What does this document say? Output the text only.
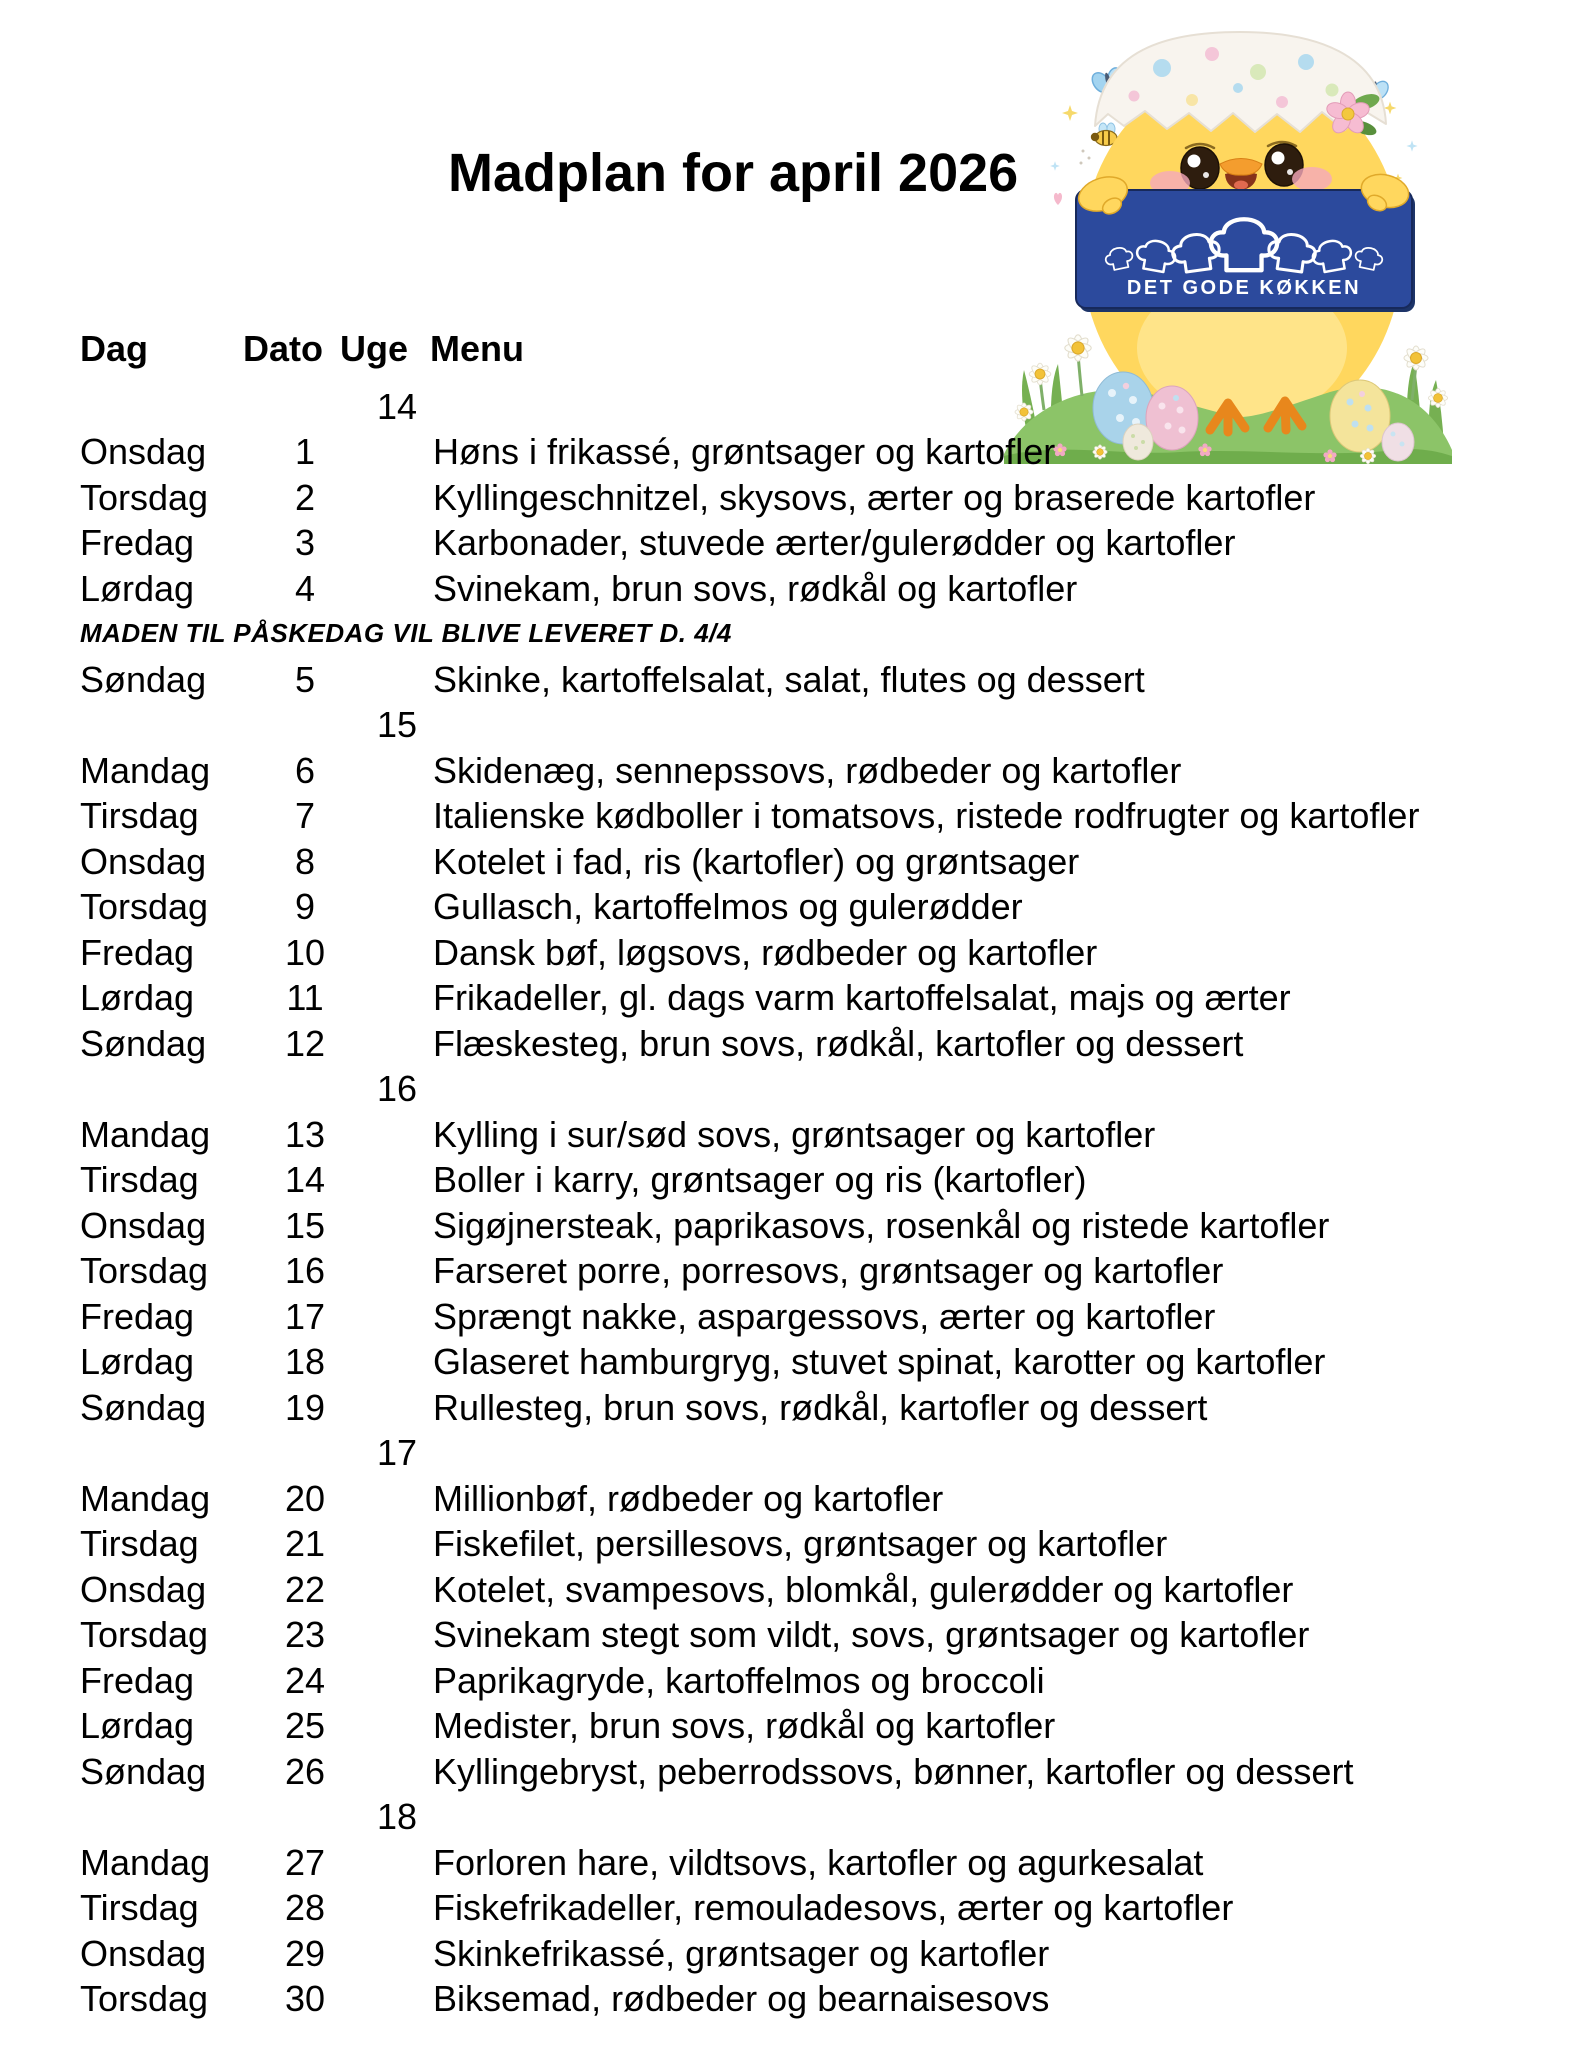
Madplan for april 2026
DET GODE KØKKEN
Dag	Dato Uge Menu
14
Onsdag	1	Høns i frikassé, grøntsager og kartofler
Torsdag	2	Kyllingeschnitzel, skysovs, ærter og braserede kartofler
Fredag	3	Karbonader, stuvede ærter/gulerødder og kartofler
Lørdag	4	Svinekam, brun sovs, rødkål og kartofler
MADEN TIL PÅSKEDAG VIL BLIVE LEVERET D. 4/4
Søndag	5	Skinke, kartoffelsalat, salat, flutes og dessert
15
Mandag	6	Skidenæg, sennepssovs, rødbeder og kartofler
Tirsdag	7	Italienske kødboller i tomatsovs, ristede rodfrugter og kartofler
Onsdag	8	Kotelet i fad, ris (kartofler) og grøntsager
Torsdag	9	Gullasch, kartoffelmos og gulerødder
Fredag	10	Dansk bøf, løgsovs, rødbeder og kartofler
Lørdag	11	Frikadeller, gl. dags varm kartoffelsalat, majs og ærter
Søndag	12	Flæskesteg, brun sovs, rødkål, kartofler og dessert
16
Mandag	13	Kylling i sur/sød sovs, grøntsager og kartofler
Tirsdag	14	Boller i karry, grøntsager og ris (kartofler)
Onsdag	15	Sigøjnersteak, paprikasovs, rosenkål og ristede kartofler
Torsdag	16	Farseret porre, porresovs, grøntsager og kartofler
Fredag	17	Sprængt nakke, aspargessovs, ærter og kartofler
Lørdag	18	Glaseret hamburgryg, stuvet spinat, karotter og kartofler
Søndag	19	Rullesteg, brun sovs, rødkål, kartofler og dessert
17
Mandag	20	Millionbøf, rødbeder og kartofler
Tirsdag	21	Fiskefilet, persillesovs, grøntsager og kartofler
Onsdag	22	Kotelet, svampesovs, blomkål, gulerødder og kartofler
Torsdag	23	Svinekam stegt som vildt, sovs, grøntsager og kartofler
Fredag	24	Paprikagryde, kartoffelmos og broccoli
Lørdag	25	Medister, brun sovs, rødkål og kartofler
Søndag	26	Kyllingebryst, peberrodssovs, bønner, kartofler og dessert
18
Mandag	27	Forloren hare, vildtsovs, kartofler og agurkesalat
Tirsdag	28	Fiskefrikadeller, remouladesovs, ærter og kartofler
Onsdag	29	Skinkefrikassé, grøntsager og kartofler
Torsdag	30	Biksemad, rødbeder og bearnaisesovs
